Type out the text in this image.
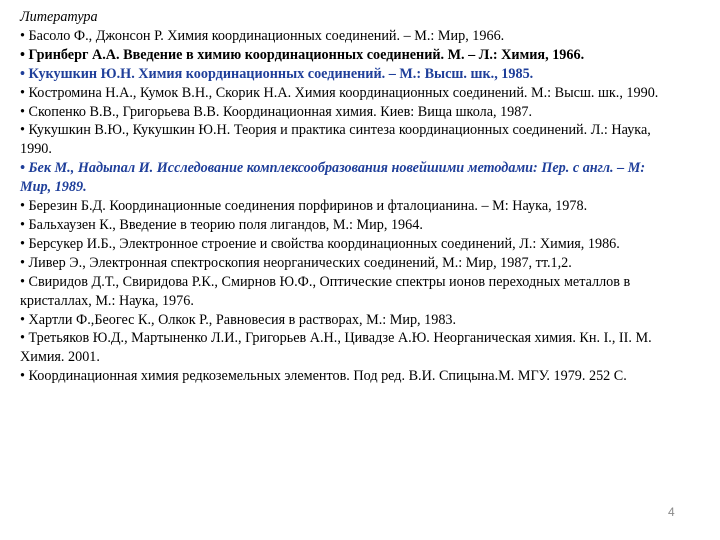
Литература

• Басоло Ф., Джонсон Р. Химия координационных соединений. – М.: Мир, 1966.

• Гринберг А.А. Введение в химию координационных соединений. М. – Л.: Химия, 1966.

• Кукушкин Ю.Н. Химия координационных соединений. – М.: Высш. шк., 1985.

• Костромина Н.А., Кумок В.Н., Скорик Н.А. Химия координационных соединений. М.: Высш. шк., 1990.

• Скопенко В.В., Григорьева В.В. Координационная химия. Киев: Вища школа, 1987.

• Кукушкин В.Ю., Кукушкин Ю.Н. Теория и практика синтеза координационных соединений. Л.: Наука, 1990.

• Бек М., Надыпал И. Исследование комплексообразования новейшими методами: Пер. с англ. – М: Мир, 1989.

• Березин Б.Д. Координационные соединения порфиринов и фталоцианина. – М: Наука, 1978.

• Бальхаузен К., Введение в теорию поля лигандов, М.: Мир, 1964.

• Берсукер И.Б., Электронное строение и свойства координационных соединений, Л.: Химия, 1986.

• Ливер Э., Электронная спектроскопия неорганических соединений, М.: Мир, 1987, тт.1,2.

• Свиридов Д.Т., Свиридова Р.К., Смирнов Ю.Ф., Оптические спектры ионов переходных металлов в кристаллах, М.: Наука, 1976.

• Хартли Ф.,Беогес К., Олкок Р., Равновесия в растворах, М.: Мир, 1983.

• Третьяков Ю.Д., Мартыненко Л.И., Григорьев А.Н., Цивадзе А.Ю. Неорганическая химия. Кн. I., II. М. Химия. 2001.

• Координационная химия редкоземельных элементов. Под ред. В.И. Спицына.М. МГУ. 1979. 252 С.

4
